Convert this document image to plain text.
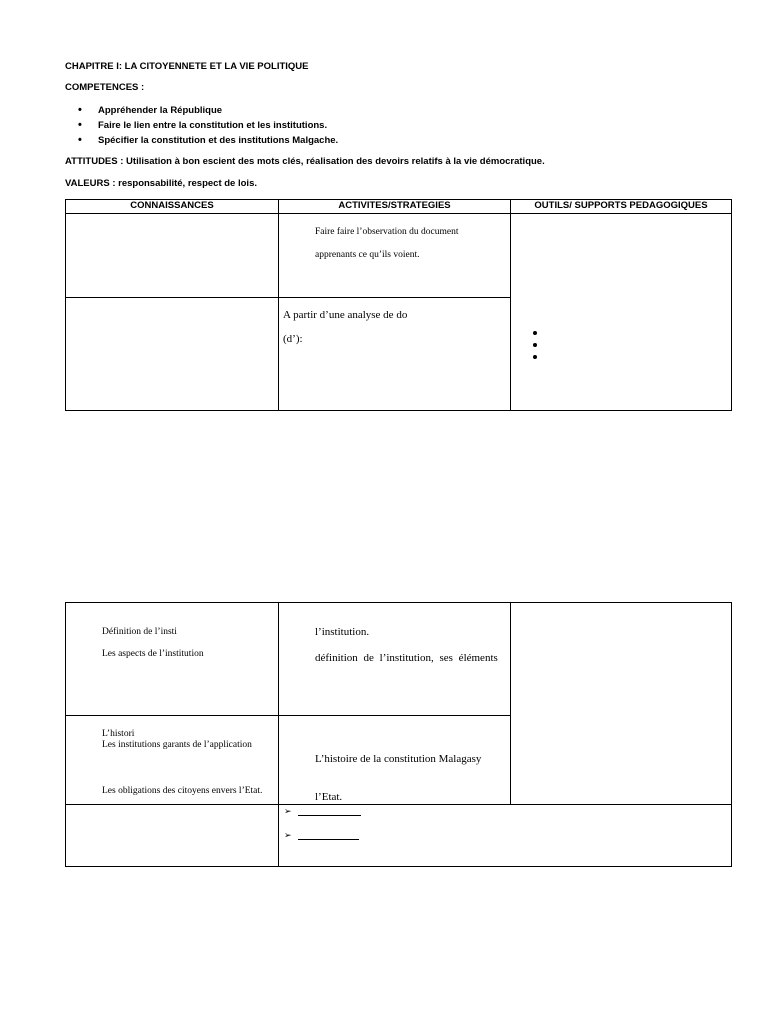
CHAPITRE I: LA CITOYENNETE ET LA VIE POLITIQUE
COMPETENCES :
• Appréhender la République
• Faire le lien entre la constitution et les institutions.
• Spécifier la constitution et des institutions Malgache.
ATTITUDES : Utilisation à bon escient des mots clés, réalisation des devoirs relatifs à la vie démocratique.
VALEURS : responsabilité, respect de lois.
CONNAISSANCES	ACTIVITES/STRATEGIES	OUTILS/ SUPPORTS PEDAGOGIQUES
Faire faire l’observation du document
apprenants ce qu’ils voient.
A partir d’une analyse de do
(d’):
Définition de l’insti
Les aspects de l’institution
l’institution.
définition de l’institution, ses éléments
L’histori
Les institutions garants de l’application
Les obligations des citoyens envers l’Etat.
L’histoire de la constitution Malagasy
l’Etat.
➢
➢
